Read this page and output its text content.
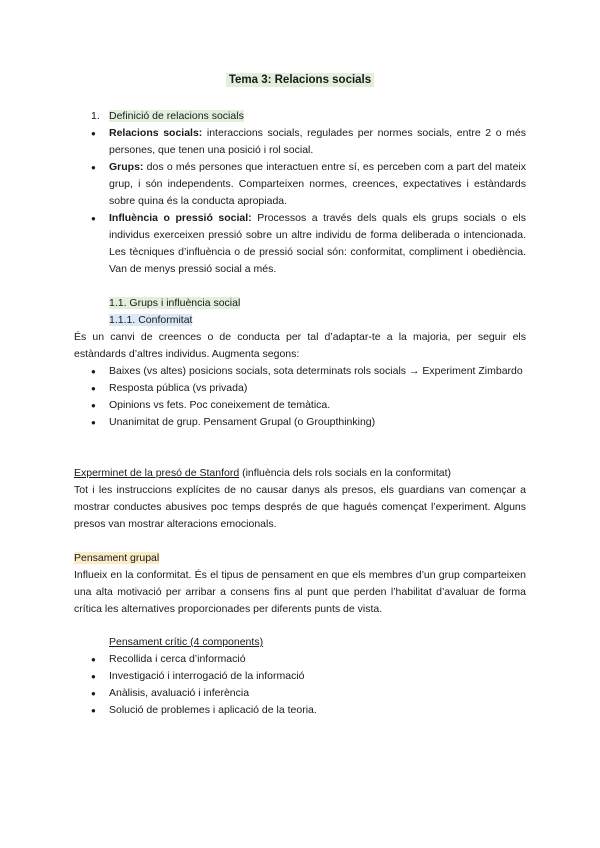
Tema 3: Relacions socials
1. Definició de relacions socials
● Relacions socials: interaccions socials, regulades per normes socials, entre 2 o més persones, que tenen una posició i rol social.
● Grups: dos o més persones que interactuen entre sí, es perceben com a part del mateix grup, i són independents. Comparteixen normes, creences, expectatives i estàndards sobre quina és la conducta apropiada.
● Influència o pressió social: Processos a través dels quals els grups socials o els individus exerceixen pressió sobre un altre individu de forma deliberada o intencionada. Les tècniques d’influència o de pressió social són: conformitat, compliment i obediència. Van de menys pressió social a més.
1.1. Grups i influència social
1.1.1. Conformitat

És un canvi de creences o de conducta per tal d’adaptar-te a la majoria, per seguir els estàndards d’altres individus. Augmenta segons:

● Baixes (vs altes) posicions socials, sota determinats rols socials → Experiment Zimbardo
● Resposta pública (vs privada)
● Opinions vs fets. Poc coneixement de temàtica.
● Unanimitat de grup. Pensament Grupal (o Groupthinking)

Experminet de la presó de Stanford (influència dels rols socials en la conformitat)

Tot i les instruccions explícites de no causar danys als presos, els guardians van començar a mostrar conductes abusives poc temps després de que hagués començat l’experiment. Alguns presos van mostrar alteracions emocionals.

Pensament grupal

Influeix en la conformitat. És el tipus de pensament en que els membres d’un grup comparteixen una alta motivació per arribar a consens fins al punt que perden l’habilitat d’avaluar de forma crítica les alternatives proporcionades per diferents punts de vista.

Pensament crític (4 components)
● Recollida i cerca d’informació
● Investigació i interrogació de la informació
● Anàlisis, avaluació i inferència
● Solució de problemes i aplicació de la teoria.
